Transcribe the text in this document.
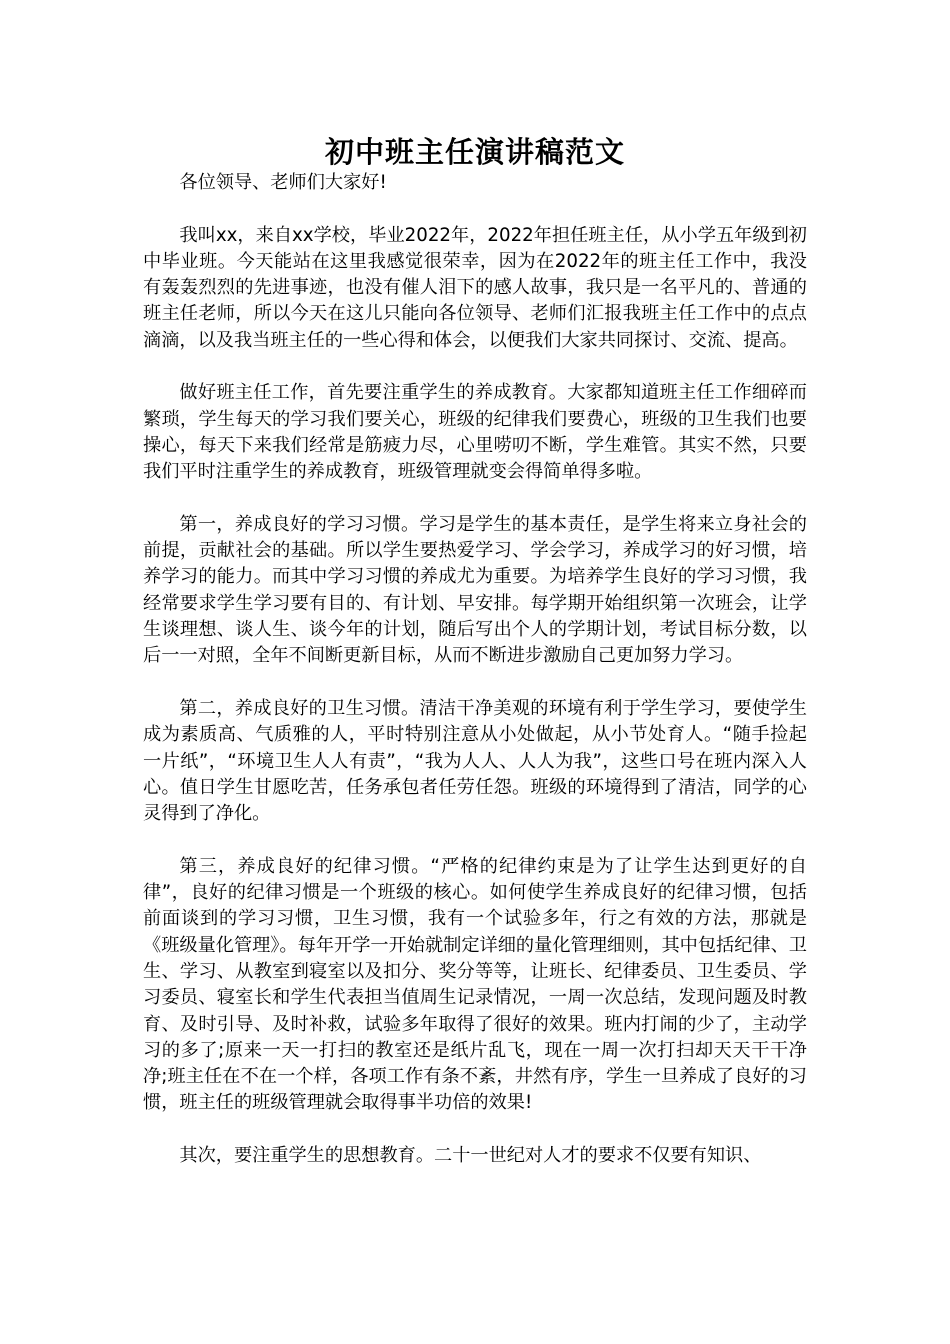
初中班主任演讲稿范文

各位领导、老师们大家好!

我叫xx，来自xx学校，毕业2022年，2022年担任班主任，从小学五年级到初中毕业班。今天能站在这里我感觉很荣幸，因为在2022年的班主任工作中，我没有轰轰烈烈的先进事迹，也没有催人泪下的感人故事，我只是一名平凡的、普通的班主任老师，所以今天在这儿只能向各位领导、老师们汇报我班主任工作中的点点滴滴，以及我当班主任的一些心得和体会，以便我们大家共同探讨、交流、提高。

做好班主任工作，首先要注重学生的养成教育。大家都知道班主任工作细碎而繁琐，学生每天的学习我们要关心，班级的纪律我们要费心，班级的卫生我们也要操心，每天下来我们经常是筋疲力尽，心里唠叨不断，学生难管。其实不然，只要我们平时注重学生的养成教育，班级管理就变会得简单得多啦。

第一，养成良好的学习习惯。学习是学生的基本责任，是学生将来立身社会的前提，贡献社会的基础。所以学生要热爱学习、学会学习，养成学习的好习惯，培养学习的能力。而其中学习习惯的养成尤为重要。为培养学生良好的学习习惯，我经常要求学生学习要有目的、有计划、早安排。每学期开始组织第一次班会，让学生谈理想、谈人生、谈今年的计划，随后写出个人的学期计划，考试目标分数，以后一一对照，全年不间断更新目标，从而不断进步激励自己更加努力学习。

第二，养成良好的卫生习惯。清洁干净美观的环境有利于学生学习，要使学生成为素质高、气质雅的人，平时特别注意从小处做起，从小节处育人。“随手捡起一片纸”，“环境卫生人人有责”，“我为人人、人人为我”，这些口号在班内深入人心。值日学生甘愿吃苦，任务承包者任劳任怨。班级的环境得到了清洁，同学的心灵得到了净化。

第三，养成良好的纪律习惯。“严格的纪律约束是为了让学生达到更好的自律”，良好的纪律习惯是一个班级的核心。如何使学生养成良好的纪律习惯，包括前面谈到的学习习惯，卫生习惯，我有一个试验多年，行之有效的方法，那就是《班级量化管理》。每年开学一开始就制定详细的量化管理细则，其中包括纪律、卫生、学习、从教室到寝室以及扣分、奖分等等，让班长、纪律委员、卫生委员、学习委员、寝室长和学生代表担当值周生记录情况，一周一次总结，发现问题及时教育、及时引导、及时补救，试验多年取得了很好的效果。班内打闹的少了，主动学习的多了;原来一天一打扫的教室还是纸片乱飞，现在一周一次打扫却天天干干净净;班主任在不在一个样，各项工作有条不紊，井然有序，学生一旦养成了良好的习惯，班主任的班级管理就会取得事半功倍的效果!

其次，要注重学生的思想教育。二十一世纪对人才的要求不仅要有知识、
